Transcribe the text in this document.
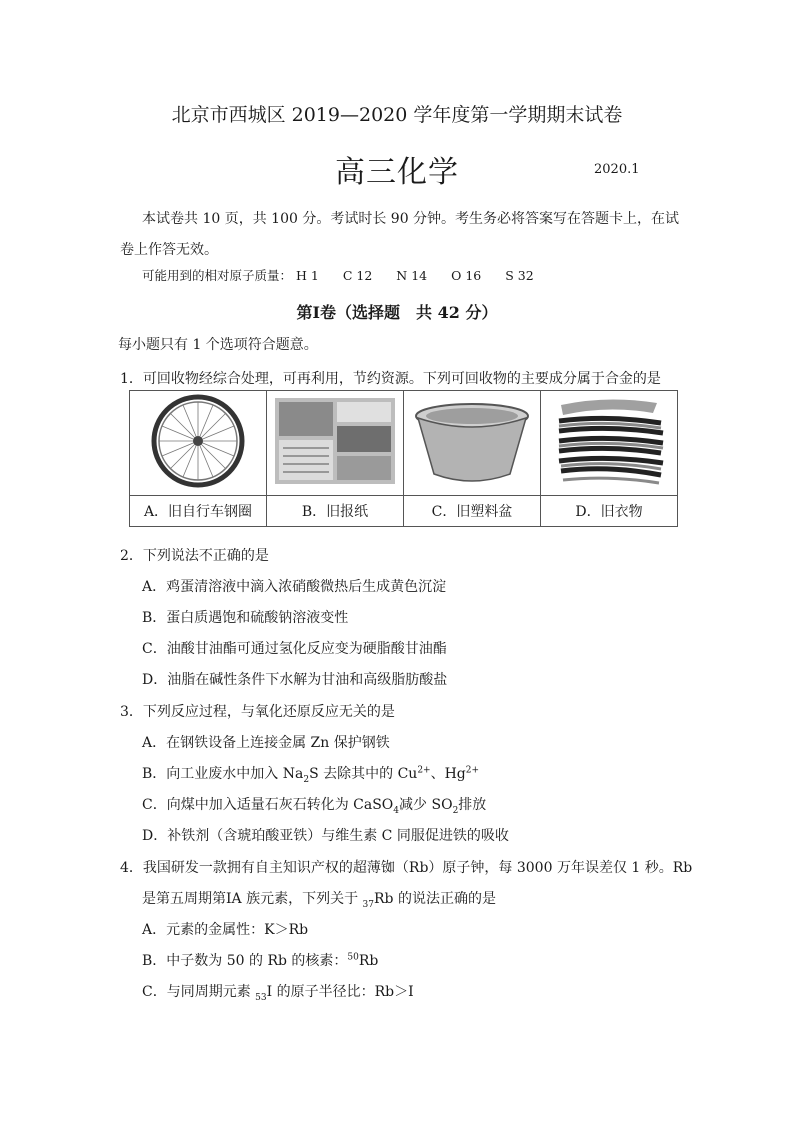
北京市西城区 2019—2020 学年度第一学期期末试卷
高三化学	2020.1
本试卷共 10 页，共 100 分。考试时长 90 分钟。考生务必将答案写在答题卡上，在试
卷上作答无效。
可能用到的相对原子质量： H 1 C 12 N 14 O 16 S 32
第Ⅰ卷（选择题　共 42 分）
每小题只有 1 个选项符合题意。
1．可回收物经综合处理，可再利用，节约资源。下列可回收物的主要成分属于合金的是

A．旧自行车钢圈	B．旧报纸	C．旧塑料盆	D．旧衣物
2．下列说法不正确的是
A．鸡蛋清溶液中滴入浓硝酸微热后生成黄色沉淀
B．蛋白质遇饱和硫酸钠溶液变性
C．油酸甘油酯可通过氢化反应变为硬脂酸甘油酯
D．油脂在碱性条件下水解为甘油和高级脂肪酸盐
3．下列反应过程，与氧化还原反应无关的是
A．在钢铁设备上连接金属 Zn 保护钢铁
B．向工业废水中加入 $Na_2S$ 去除其中的 $Cu^{2+}$、$Hg^{2+}$
C．向煤中加入适量石灰石转化为 CaSO$_4$减少 $SO_2$排放
D．补铁剂（含琥珀酸亚铁）与维生素 C 同服促进铁的吸收
4．我国研发一款拥有自主知识产权的超薄铷（Rb）原子钟，每 3000 万年误差仅 1 秒。Rb
是第五周期第ⅠA 族元素，下列关于 $_{37}$Rb 的说法正确的是
A．元素的金属性：K＞Rb
B．中子数为 50 的 Rb 的核素：$^{50}$Rb
C．与同周期元素 $_{53}$I 的原子半径比：Rb＞I
